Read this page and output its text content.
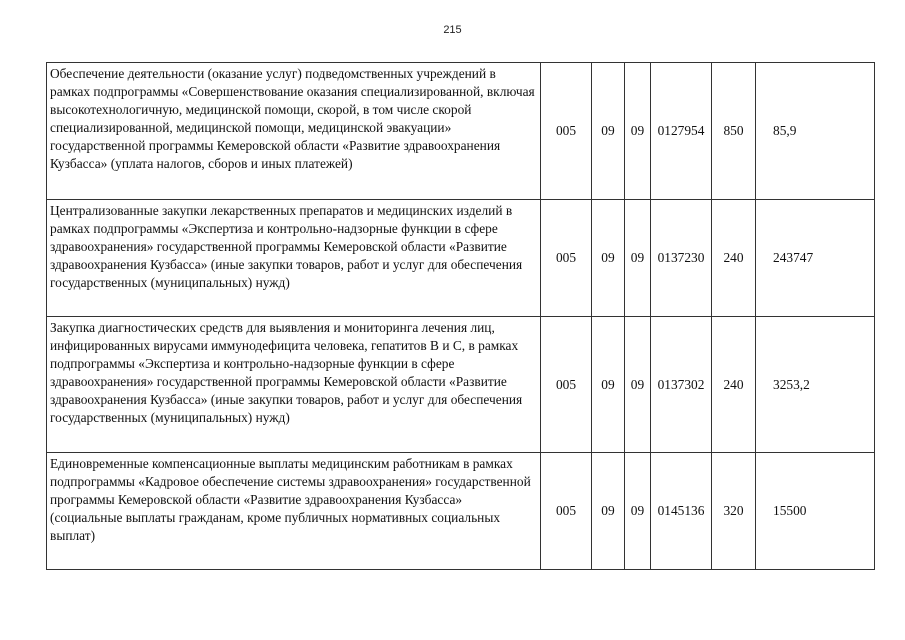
215
Обеспечение деятельности (оказание услуг) подведомственных учреждений в рамках подпрограммы «Совершенствование оказания специализированной, включая высокотехнологичную, медицинской помощи, скорой, в том числе скорой специализированной, медицинской помощи, медицинской эвакуации» государственной программы Кемеровской области «Развитие здравоохранения Кузбасса» (уплата налогов, сборов и иных платежей)	005	09	09	0127954	850	85,9
Централизованные закупки лекарственных препаратов и медицинских изделий в рамках подпрограммы «Экспертиза и контрольно-надзорные функции в сфере здравоохранения» государственной программы Кемеровской области «Развитие здравоохранения Кузбасса» (иные закупки товаров, работ и услуг для обеспечения государственных (муниципальных) нужд)	005	09	09	0137230	240	243747
Закупка диагностических средств для выявления и мониторинга лечения лиц, инфицированных вирусами иммунодефицита человека, гепатитов В и С, в рамках подпрограммы «Экспертиза и контрольно-надзорные функции в сфере здравоохранения» государственной программы Кемеровской области «Развитие здравоохранения Кузбасса» (иные закупки товаров, работ и услуг для обеспечения государственных (муниципальных) нужд)	005	09	09	0137302	240	3253,2
Единовременные компенсационные выплаты медицинским работникам в рамках подпрограммы «Кадровое обеспечение системы здравоохранения» государственной программы Кемеровской области «Развитие здравоохранения Кузбасса» (социальные выплаты гражданам, кроме публичных нормативных социальных выплат)	005	09	09	0145136	320	15500
